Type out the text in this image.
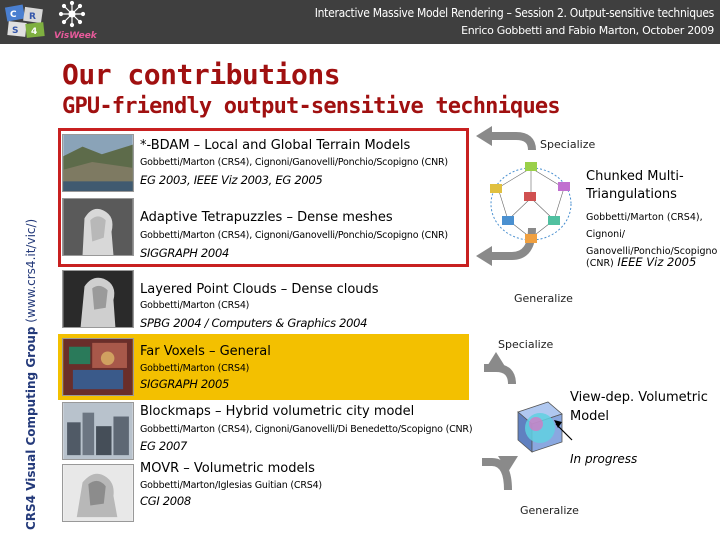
C R
S 4 VisWeek
Interactive Massive Model Rendering – Session 2. Output-sensitive techniques
Enrico Gobbetti and Fabio Marton, October 2009
CRS4 Visual Computing Group (www.crs4.it/vic/)
Our contributions
GPU-friendly output-sensitive techniques
*-BDAM – Local and Global Terrain Models
Gobbetti/Marton (CRS4), Cignoni/Ganovelli/Ponchio/Scopigno (CNR)
EG 2003, IEEE Viz 2003, EG 2005
Adaptive Tetrapuzzles – Dense meshes
Gobbetti/Marton (CRS4), Cignoni/Ganovelli/Ponchio/Scopigno (CNR)
SIGGRAPH 2004
Layered Point Clouds – Dense clouds
Gobbetti/Marton (CRS4)
SPBG 2004 / Computers & Graphics 2004
Far Voxels – General
Gobbetti/Marton (CRS4)
SIGGRAPH 2005
Blockmaps – Hybrid volumetric city model
Gobbetti/Marton (CRS4), Cignoni/Ganovelli/Di Benedetto/Scopigno (CNR)
EG 2007
MOVR – Volumetric models
Gobbetti/Marton/Iglesias Guitian (CRS4)
CGI 2008
Specialize
Chunked Multi-Triangulations
Gobbetti/Marton (CRS4), Cignoni/ Ganovelli/Ponchio/Scopigno
(CNR) IEEE Viz 2005
Generalize
Specialize
View-dep. Volumetric Model
In progress
Generalize
